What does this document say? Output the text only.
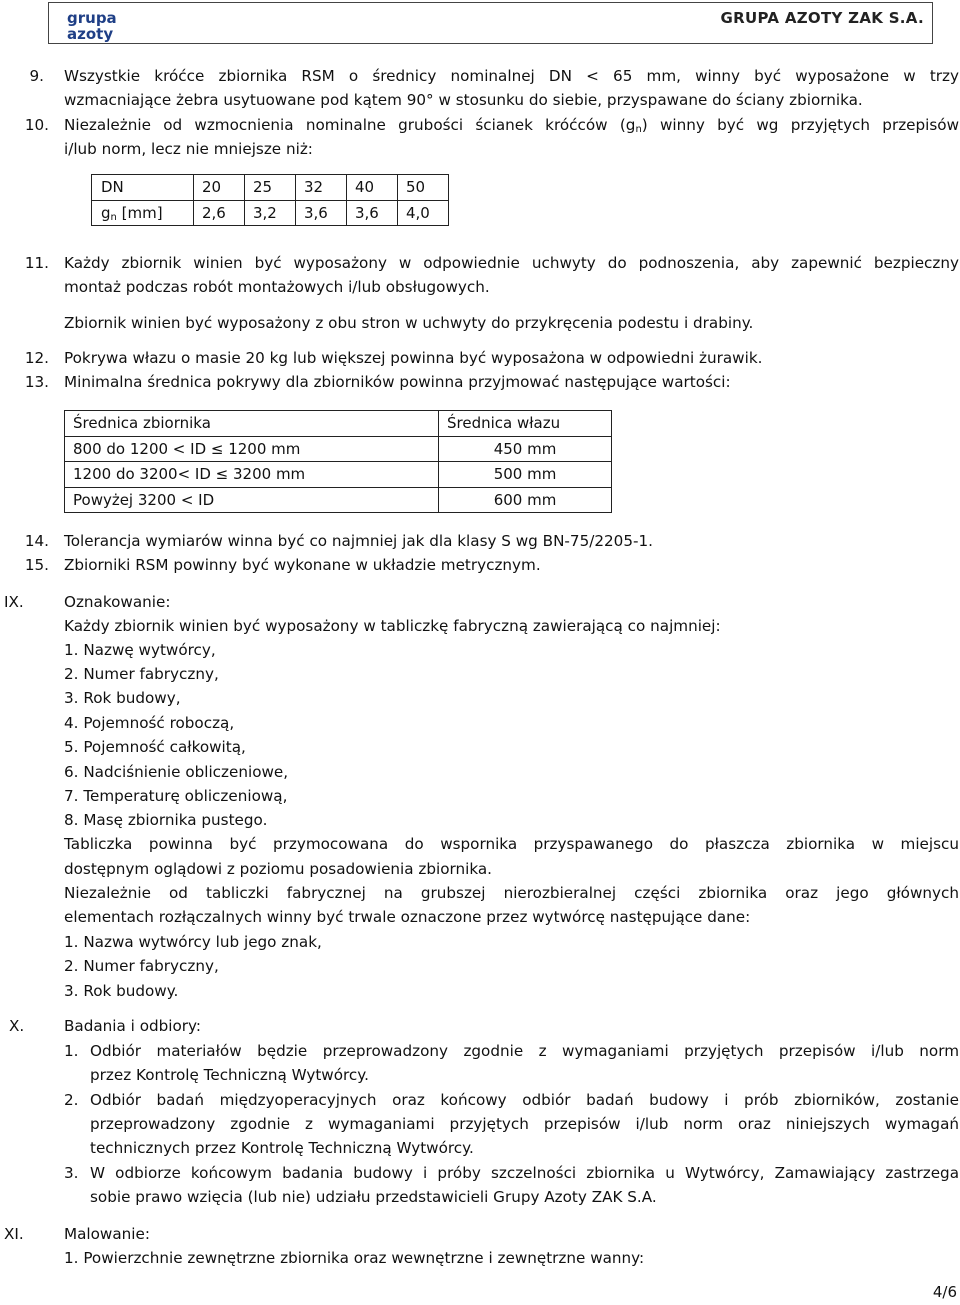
grupa
azoty
GRUPA AZOTY ZAK S.A.
9. Wszystkie króćce zbiornika RSM o średnicy nominalnej DN < 65 mm, winny być wyposażone w trzy
wzmacniające żebra usytuowane pod kątem 90° w stosunku do siebie, przyspawane do ściany zbiornika.
10. Niezależnie od wzmocnienia nominalne grubości ścianek króćców $(g_n)$ winny być wg przyjętych przepisów
i/lub norm, lecz nie mniejsze niż:
DN	20	25	32	40	50
$g_n$ [mm]	2,6	3,2	3,6	3,6	4,0
11. Każdy zbiornik winien być wyposażony w odpowiednie uchwyty do podnoszenia, aby zapewnić bezpieczny
montaż podczas robót montażowych i/lub obsługowych.
Zbiornik winien być wyposażony z obu stron w uchwyty do przykręcenia podestu i drabiny.
12. Pokrywa włazu o masie 20 kg lub większej powinna być wyposażona w odpowiedni żurawik.
13. Minimalna średnica pokrywy dla zbiorników powinna przyjmować następujące wartości:
Średnica zbiornika	Średnica włazu
800 do 1200 < ID ≤ 1200 mm	450 mm
1200 do 3200< ID ≤ 3200 mm	500 mm
Powyżej 3200 < ID	600 mm
14. Tolerancja wymiarów winna być co najmniej jak dla klasy S wg BN-75/2205-1.
15. Zbiorniki RSM powinny być wykonane w układzie metrycznym.
IX.	Oznakowanie:
Każdy zbiornik winien być wyposażony w tabliczkę fabryczną zawierającą co najmniej:
1. Nazwę wytwórcy,
2. Numer fabryczny,
3. Rok budowy,
4. Pojemność roboczą,
5. Pojemność całkowitą,
6. Nadciśnienie obliczeniowe,
7. Temperaturę obliczeniową,
8. Masę zbiornika pustego.
Tabliczka powinna być przymocowana do wspornika przyspawanego do płaszcza zbiornika w miejscu
dostępnym oglądowi z poziomu posadowienia zbiornika.
Niezależnie od tabliczki fabrycznej na grubszej nierozbieralnej części zbiornika oraz jego głównych
elementach rozłączalnych winny być trwale oznaczone przez wytwórcę następujące dane:
1. Nazwa wytwórcy lub jego znak,
2. Numer fabryczny,
3. Rok budowy.
X.	Badania i odbiory:
1. Odbiór materiałów będzie przeprowadzony zgodnie z wymaganiami przyjętych przepisów i/lub norm
przez Kontrolę Techniczną Wytwórcy.
2. Odbiór badań międzyoperacyjnych oraz końcowy odbiór badań budowy i prób zbiorników, zostanie
przeprowadzony zgodnie z wymaganiami przyjętych przepisów i/lub norm oraz niniejszych wymagań
technicznych przez Kontrolę Techniczną Wytwórcy.
3. W odbiorze końcowym badania budowy i próby szczelności zbiornika u Wytwórcy, Zamawiający zastrzega
sobie prawo wzięcia (lub nie) udziału przedstawicieli Grupy Azoty ZAK S.A.
XI.	Malowanie:
1. Powierzchnie zewnętrzne zbiornika oraz wewnętrzne i zewnętrzne wanny:
4/6
